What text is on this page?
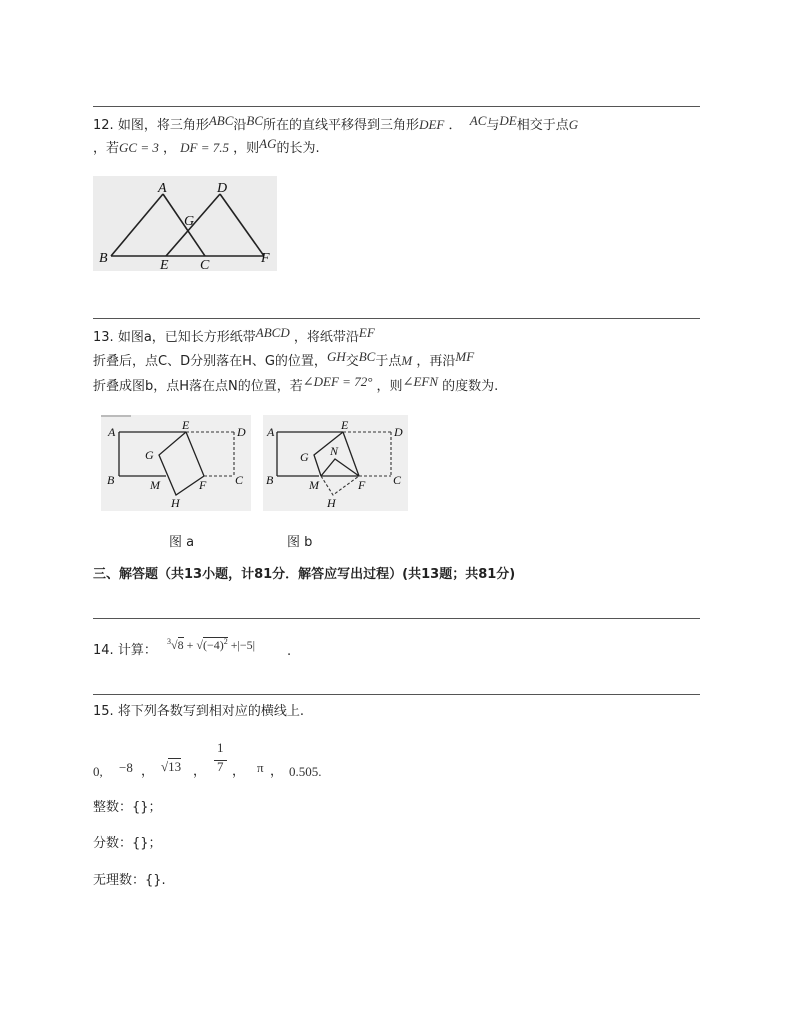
12. 如图，将三角形ABC沿BC所在的直线平移得到三角形DEF ． AC与DE相交于点G
，若GC = 3 ， DF = 7.5 ，则AG的长为.
A	D
G
B	E C	F
13. 如图a，已知长方形纸带ABCD ，将纸带沿EF
折叠后，点C、D分别落在H、G的位置，GH交BC于点M ，再沿MF
折叠成图b，点H落在点N的位置，若∠DEF = 72° ，则∠EFN 的度数为.
A	E	D
G
B	M	F C
H
A	E	D
G N
B	M	F C
H
图 a	图 b
三、解答题（共13小题，计81分．解答应写出过程）(共13题；共81分)
14. 计算：
$^3√8 + √(-4)^2 +|-5|$ .
15. 将下列各数写到相对应的横线上.
0, −8 ， √13 ，
1
7 ， π ， 0.505.
整数：{}；
分数：{}；
无理数：{}.
